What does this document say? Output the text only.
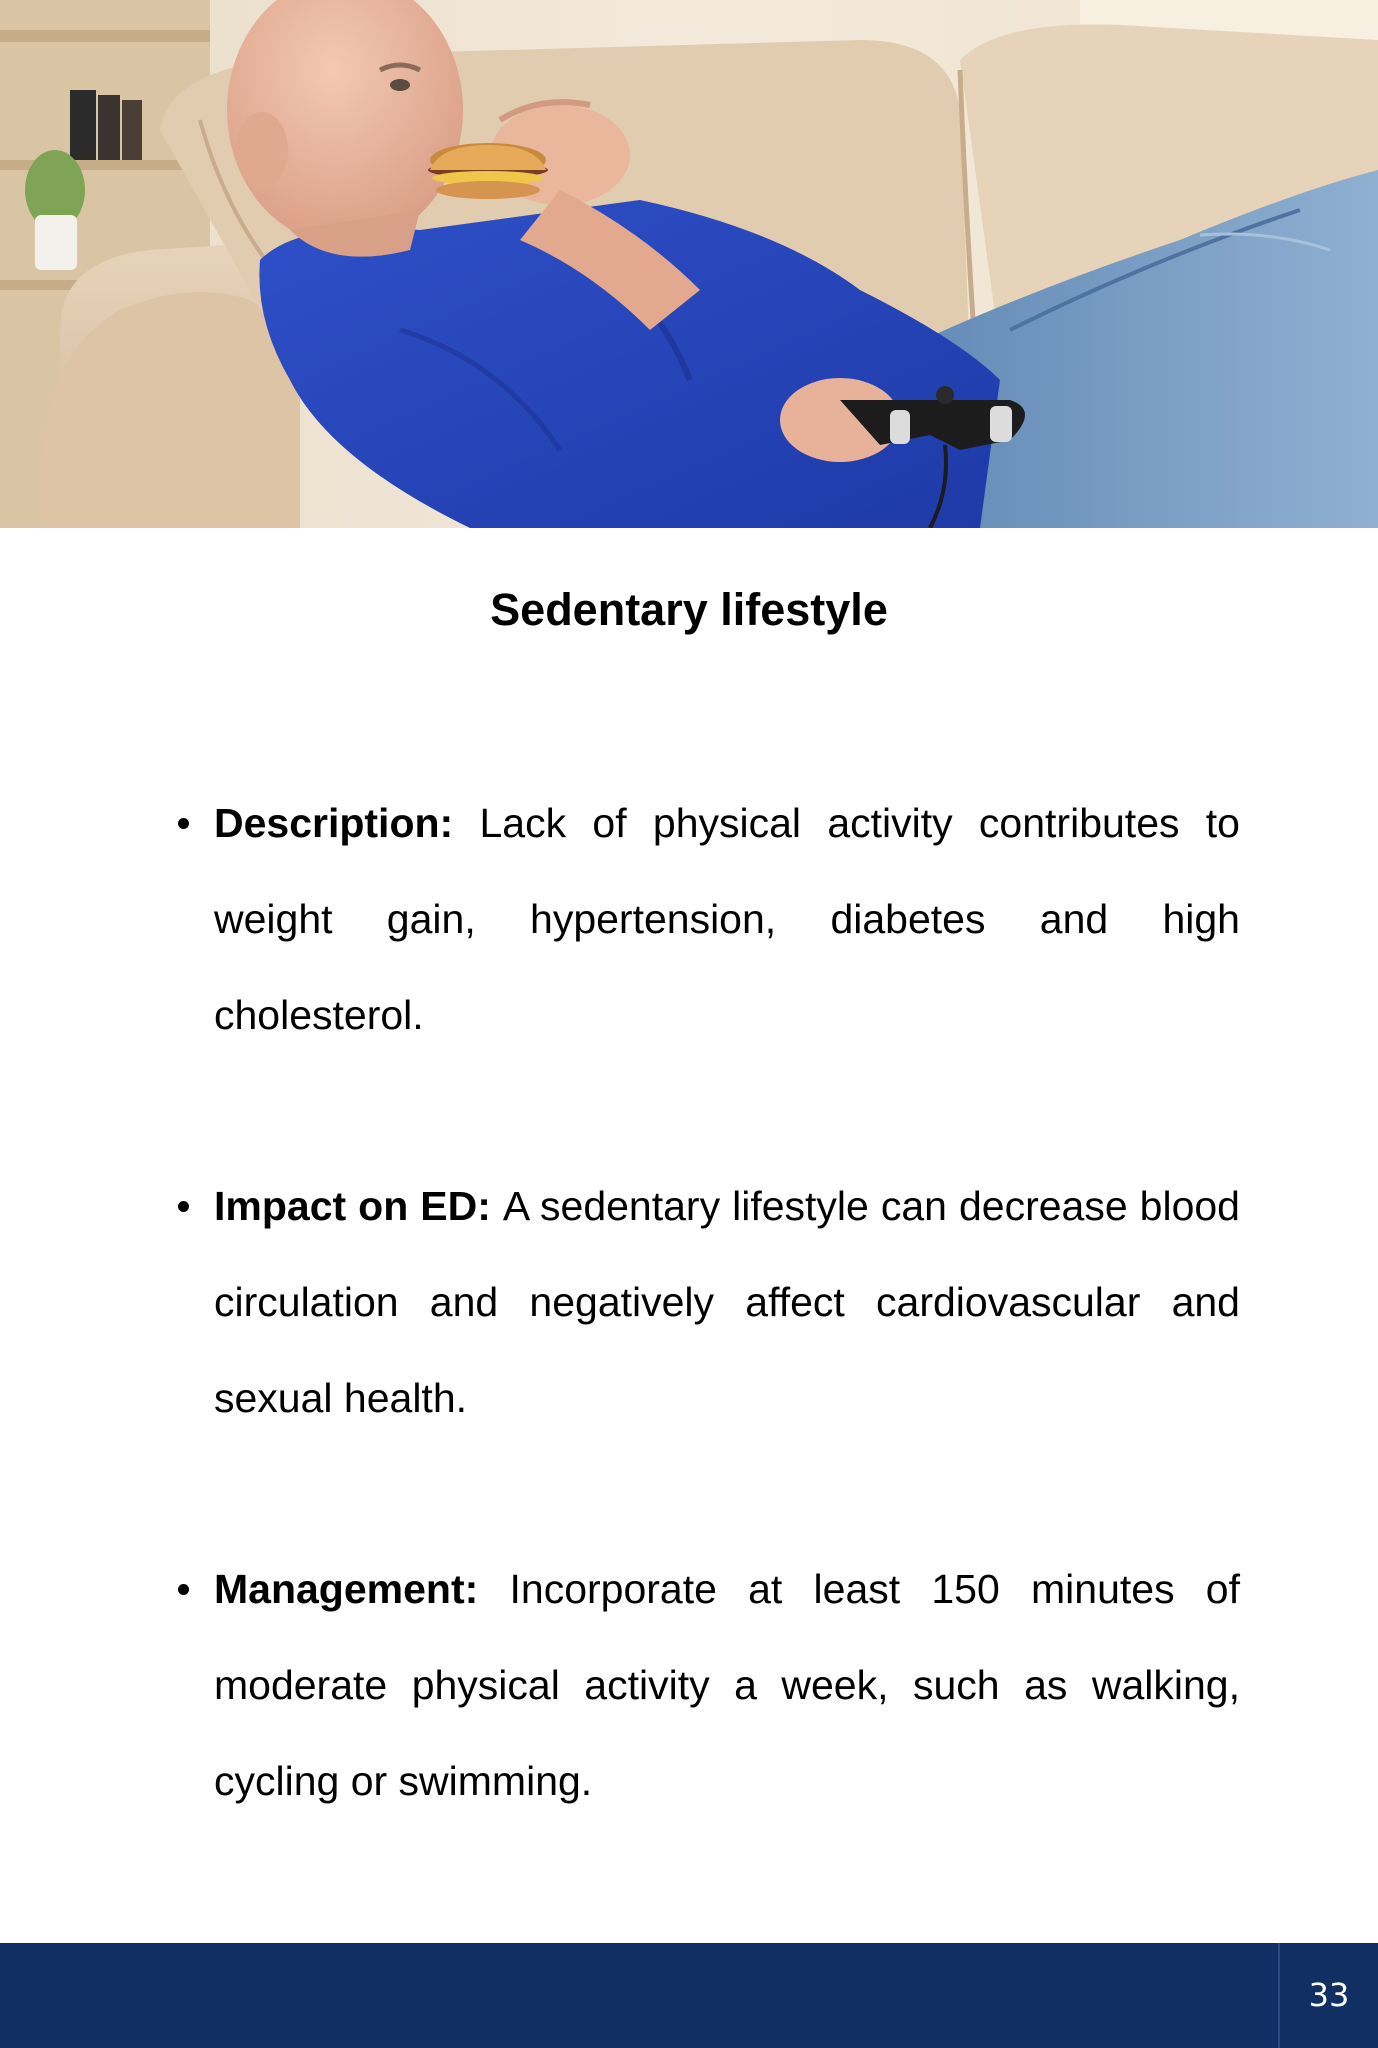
Sedentary lifestyle
Description: Lack of physical activity contributes to weight gain, hypertension, diabetes and high cholesterol.
Impact on ED: A sedentary lifestyle can decrease blood circulation and negatively affect cardiovascular and sexual health.
Management: Incorporate at least 150 minutes of moderate physical activity a week, such as walking, cycling or swimming.
33
